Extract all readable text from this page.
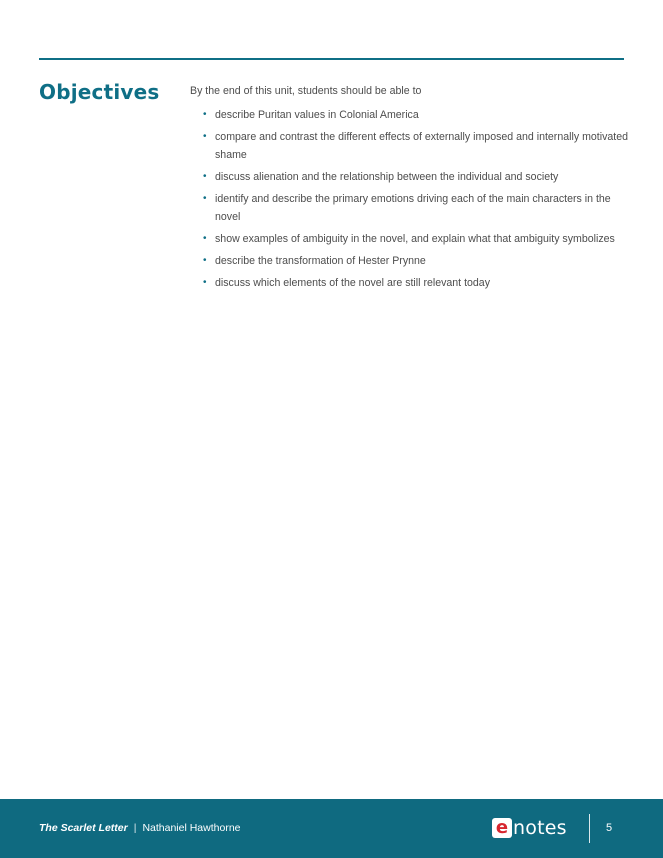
Objectives	By the end of this unit, students should be able to

• describe Puritan values in Colonial America
• compare and contrast the different effects of externally imposed and internally motivated shame
• discuss alienation and the relationship between the individual and society
• identify and describe the primary emotions driving each of the main characters in the novel
• show examples of ambiguity in the novel, and explain what that ambiguity symbolizes
• describe the transformation of Hester Prynne
• discuss which elements of the novel are still relevant today
The Scarlet Letter | Nathaniel Hawthorne	e notes	5
